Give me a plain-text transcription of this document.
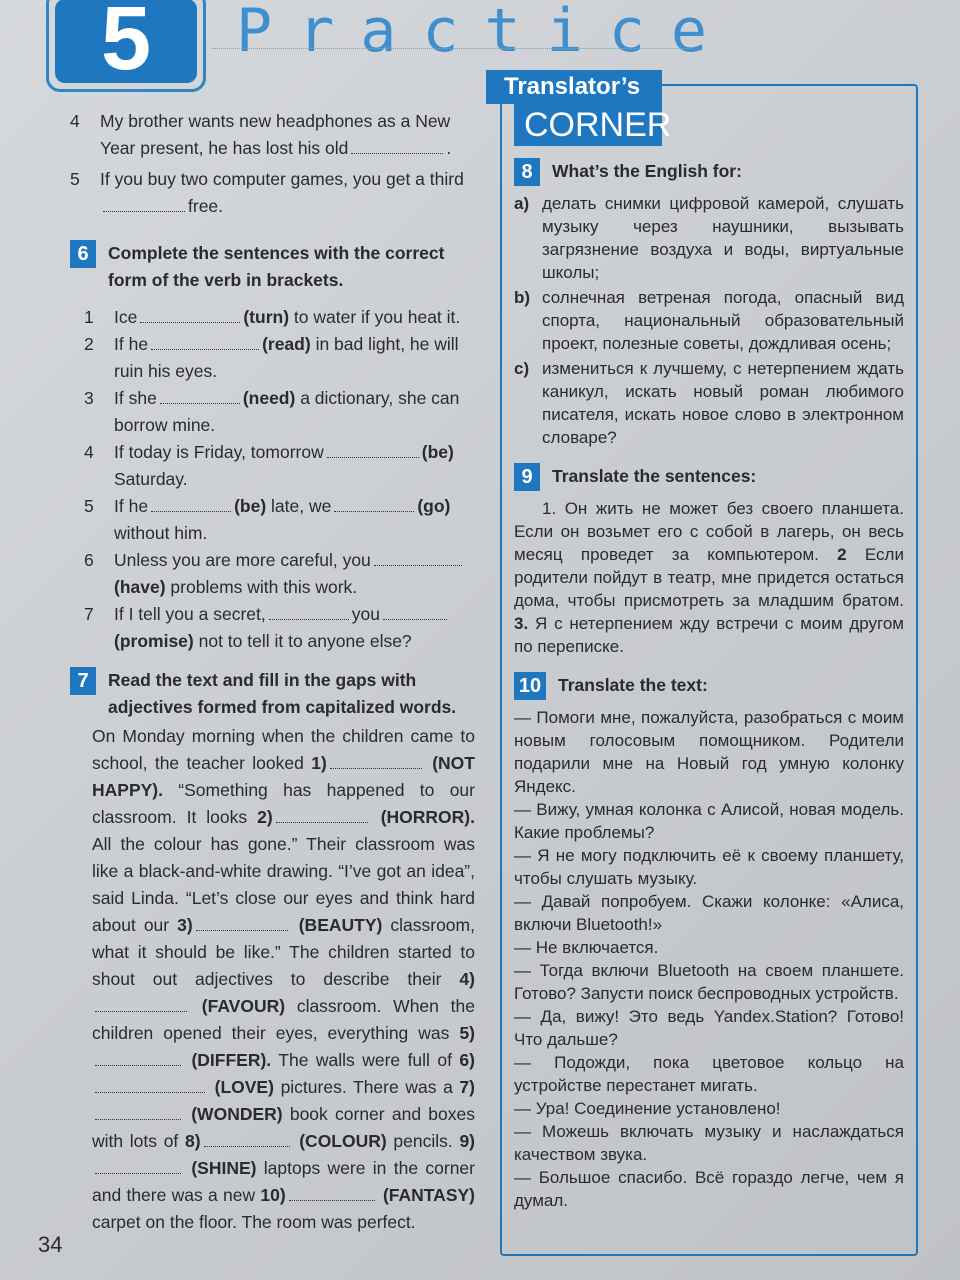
5	Practice
4	My brother wants new headphones as a New Year present, he has lost his old	.
5	If you buy two computer games, you get a thirdfree.
6	Complete the sentences with the correct form of the verb in brackets.
1	Ice	(turn) to water if you heat it.
2	If he	(read) in bad light, he will ruin his eyes.
3	If she	(need) a dictionary, she can borrow mine.
4	If today is Friday, tomorrow	(be) Saturday.
5	If he	(be) late, we	(go) without him.
6	Unless you are more careful, you(have) problems with this work.
7	If I tell you a secret,	you(promise) not to tell it to anyone else?
7	Read the text and fill in the gaps with adjectives formed from capitalized words.
On Monday morning when the children came to school, the teacher looked 1)	(NOT HAPPY). “Something has happened to our classroom. It looks 2)	(HORROR). All the colour has gone.” Their classroom was like a black-and-white drawing. “I’ve got an idea”, said Linda. “Let’s close our eyes and think hard about our 3)	(BEAUTY) classroom, what it should be like.” The children started to shout out adjectives to describe their 4) (FAVOUR) classroom. When the children opened their eyes, everything was 5) (DIFFER). The walls were full of 6) (LOVE) pictures. There was a 7) (WONDER) book corner and boxes with lots of 8)	(COLOUR) pencils. 9) (SHINE) laptops were in the corner and there was a new 10)	(FANTASY) carpet on the floor. The room was perfect.
Translator’s
CORNER
8	What’s the English for:
a) делать снимки цифровой камерой, слушать музыку через наушники, вызывать загрязнение воздуха и воды, виртуальные школы;
b) солнечная ветреная погода, опасный вид спорта, национальный образовательный проект, полезные советы, дождливая осень;
c) измениться к лучшему, с нетерпением ждать каникул, искать новый роман любимого писателя, искать новое слово в электронном словаре?
9	Translate the sentences:
1. Он жить не может без своего планшета. Если он возьмет его с собой в лагерь, он весь месяц проведет за компьютером. 2 Если родители пойдут в театр, мне придется остаться дома, чтобы присмотреть за младшим братом. 3. Я с нетерпением жду встречи с моим другом по переписке.
10 Translate the text:

— Помоги мне, пожалуйста, разобраться с моим новым голосовым помощником. Родители подарили мне на Новый год умную колонку Яндекс.

— Вижу, умная колонка с Алисой, новая модель. Какие проблемы?

— Я не могу подключить её к своему планшету, чтобы слушать музыку.

— Давай попробуем. Скажи колонке: «Алиса, включи Bluetooth!»

— Не включается.

— Тогда включи Bluetooth на своем планшете. Готово? Запусти поиск беспроводных устройств.

— Да, вижу! Это ведь Yandex.Station? Готово! Что дальше?

— Подожди, пока цветовое кольцо на устройстве перестанет мигать.

— Ура! Соединение установлено!

— Можешь включать музыку и наслаждаться качеством звука.

— Большое спасибо. Всё гораздо легче, чем я думал.

34
